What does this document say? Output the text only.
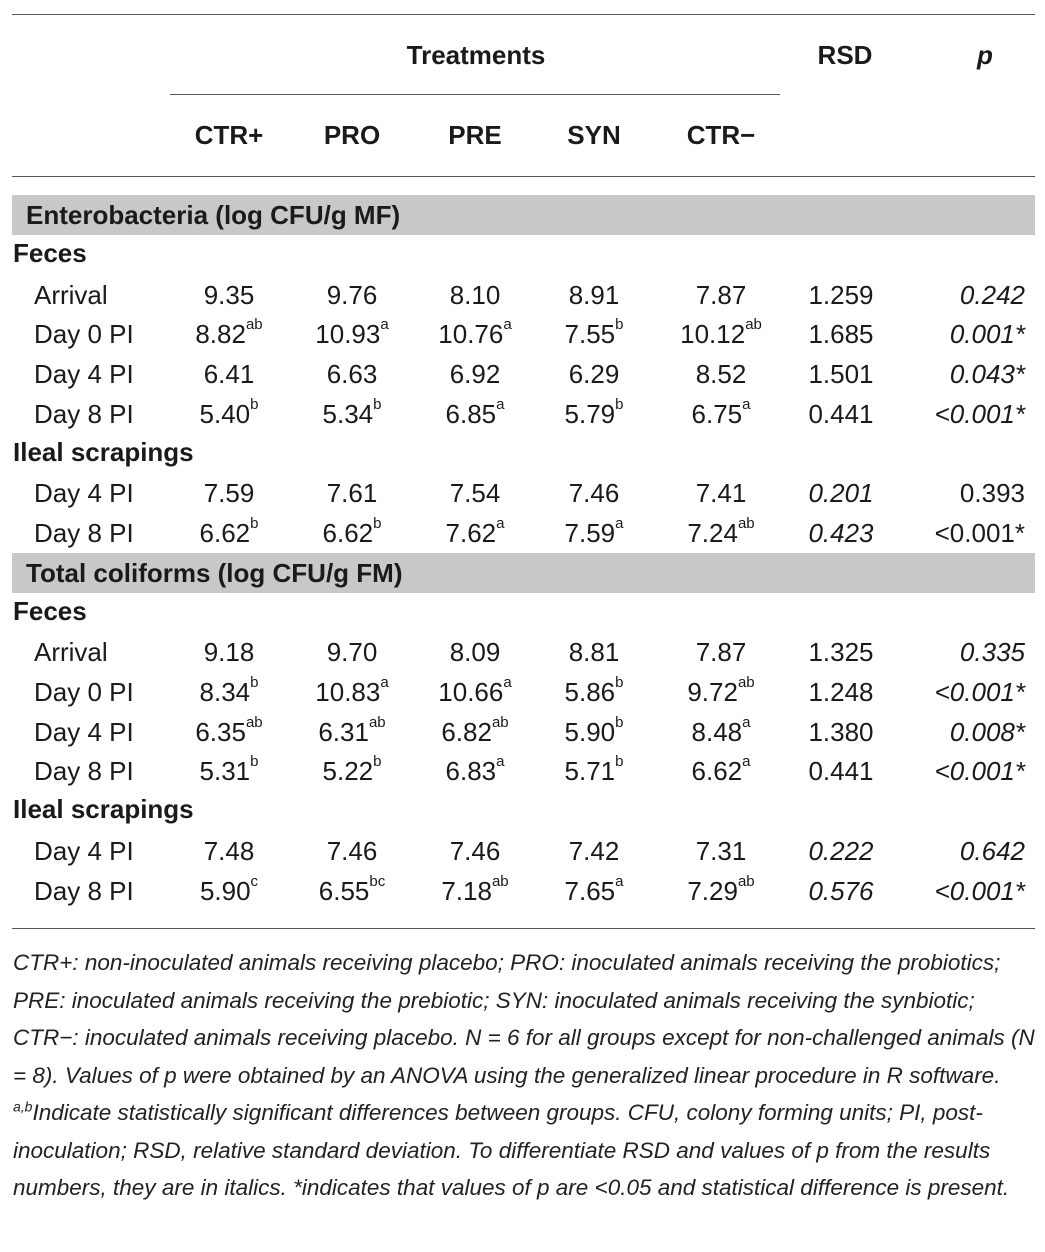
Treatments	RSD	p
CTR+	PRO	PRE	SYN	CTR−
Enterobacteria (log CFU/g MF)
Feces
Arrival	9.35	9.76	8.10	8.91	7.87	1.259	0.242
Day 0 PI	8.82$^{ab}$	10.93$^a$	10.76$^a$	7.55$^b$	10.12$^{ab}$	1.685	0.001*
Day 4 PI	6.41	6.63	6.92	6.29	8.52	1.501	0.043*
Day 8 PI	5.40$^b$	5.34$^b$	6.85$^a$	5.79$^b$	6.75$^a$	0.441	<0.001*
Ileal scrapings
Day 4 PI	7.59	7.61	7.54	7.46	7.41	0.201	0.393
Day 8 PI	6.62$^b$	6.62$^b$	7.62$^a$	7.59$^a$	7.24$^{ab}$	0.423	<0.001*
Total coliforms (log CFU/g FM)
Feces
Arrival	9.18	9.70	8.09	8.81	7.87	1.325	0.335
Day 0 PI	8.34$^b$	10.83$^a$	10.66$^a$	5.86$^b$	9.72$^{ab}$	1.248	<0.001*
Day 4 PI	6.35$^{ab}$	6.31$^{ab}$	6.82$^{ab}$	5.90$^b$	8.48$^a$	1.380	0.008*
Day 8 PI	5.31$^b$	5.22$^b$	6.83$^a$	5.71$^b$	6.62$^a$	0.441	<0.001*
Ileal scrapings
Day 4 PI	7.48	7.46	7.46	7.42	7.31	0.222	0.642
Day 8 PI	5.90$^c$	6.55$^{bc}$	7.18$^{ab}$	7.65$^a$	7.29$^{ab}$	0.576	<0.001*
CTR+: non-inoculated animals receiving placebo; PRO: inoculated animals receiving the probiotics; PRE: inoculated animals receiving the prebiotic; SYN: inoculated animals receiving the synbiotic; CTR−: inoculated animals receiving placebo. N = 6 for all groups except for non-challenged animals (N = 8). Values of p were obtained by an ANOVA using the generalized linear procedure in R software. $^{a,b}$Indicate statistically significant differences between groups. CFU, colony forming units; PI, post-inoculation; RSD, relative standard deviation. To differentiate RSD and values of p from the results numbers, they are in italics. *indicates that values of p are <0.05 and statistical difference is present.
